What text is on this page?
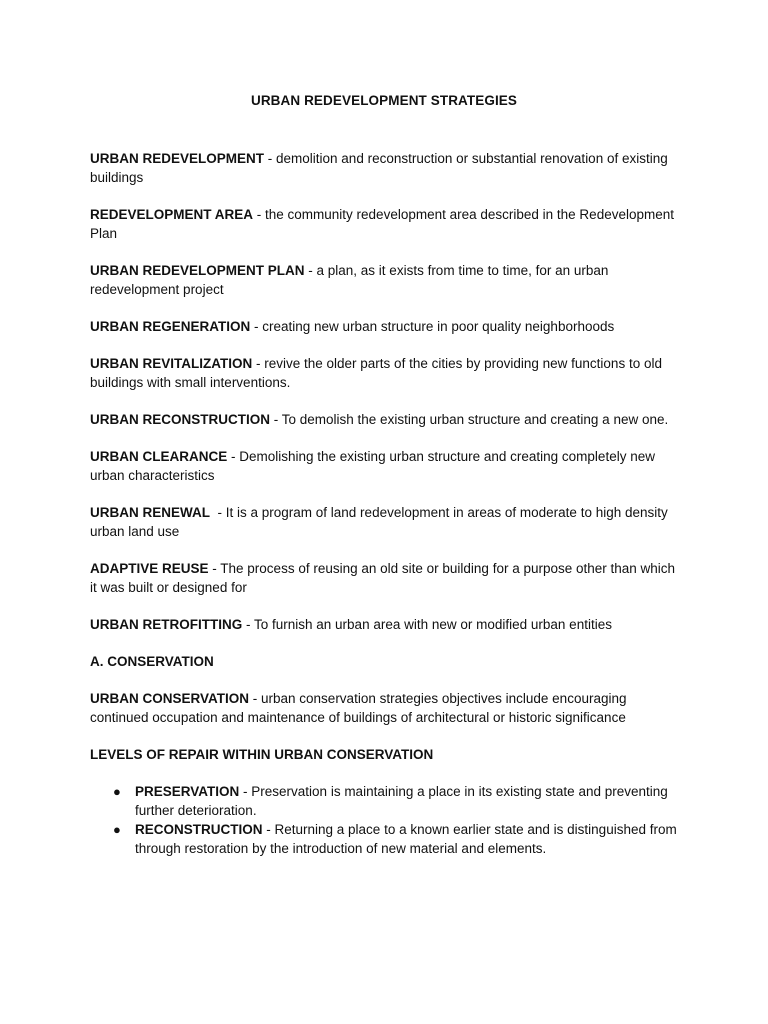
URBAN REDEVELOPMENT STRATEGIES

URBAN REDEVELOPMENT - demolition and reconstruction or substantial renovation of existing buildings

REDEVELOPMENT AREA - the community redevelopment area described in the Redevelopment Plan

URBAN REDEVELOPMENT PLAN - a plan, as it exists from time to time, for an urban redevelopment project

URBAN REGENERATION - creating new urban structure in poor quality neighborhoods

URBAN REVITALIZATION - revive the older parts of the cities by providing new functions to old buildings with small interventions.

URBAN RECONSTRUCTION - To demolish the existing urban structure and creating a new one.

URBAN CLEARANCE - Demolishing the existing urban structure and creating completely new urban characteristics

URBAN RENEWAL  - It is a program of land redevelopment in areas of moderate to high density urban land use

ADAPTIVE REUSE - The process of reusing an old site or building for a purpose other than which it was built or designed for

URBAN RETROFITTING - To furnish an urban area with new or modified urban entities

A. CONSERVATION

URBAN CONSERVATION - urban conservation strategies objectives include encouraging continued occupation and maintenance of buildings of architectural or historic significance

LEVELS OF REPAIR WITHIN URBAN CONSERVATION

● PRESERVATION - Preservation is maintaining a place in its existing state and preventing further deterioration.
● RECONSTRUCTION - Returning a place to a known earlier state and is distinguished from through restoration by the introduction of new material and elements.
